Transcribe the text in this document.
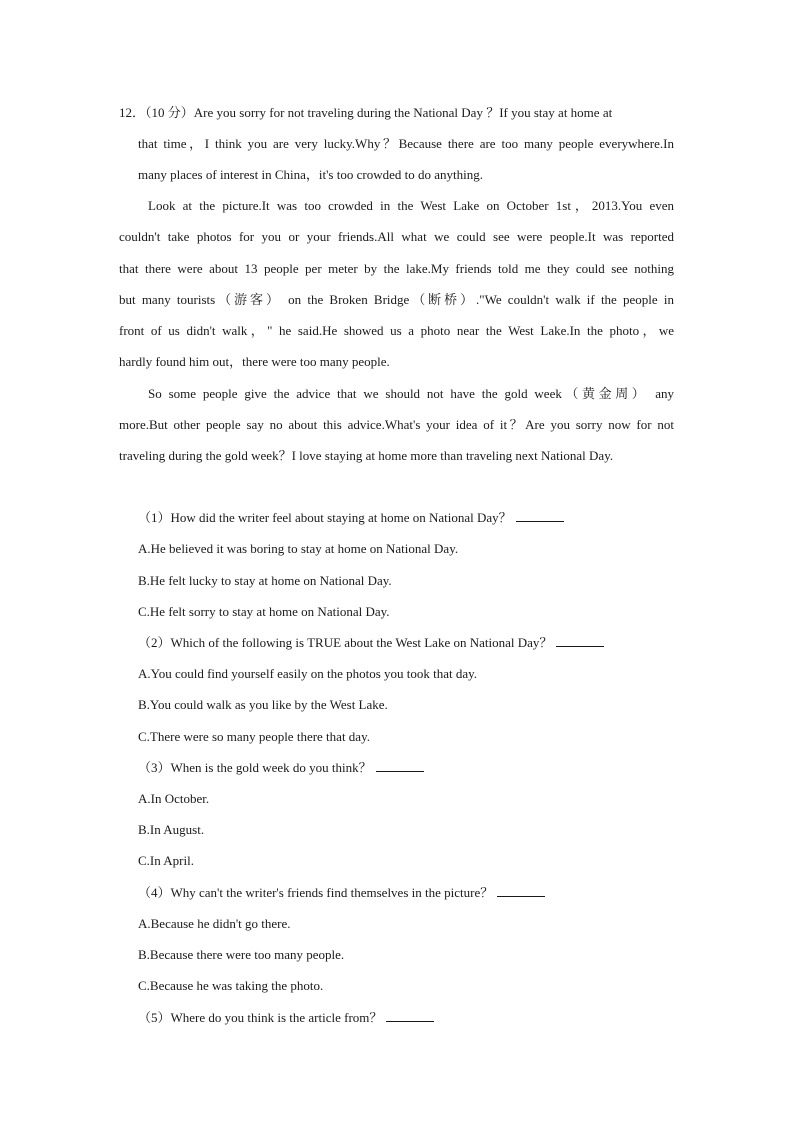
12．（10 分）Are you sorry for not traveling during the National Day ？If you stay at home at
that time，I think you are very lucky.Why？Because there are too many people everywhere.In
many places of interest in China，it's too crowded to do anything.
Look at the picture.It was too crowded in the West Lake on October 1st，2013.You even
couldn't take photos for you or your friends.All what we could see were people.It was reported
that there were about 13 people per meter by the lake.My friends told me they could see nothing
but many tourists（游客） on the Broken Bridge（断桥）."We couldn't walk if the people in
front of us didn't walk，" he said.He showed us a photo near the West Lake.In the photo，we
hardly found him out，there were too many people.
So some people give the advice that we should not have the gold week（黄金周） any
more.But other people say no about this advice.What's your idea of it？Are you sorry now for not
traveling during the gold week？I love staying at home more than traveling next National Day.
（1）How did the writer feel about staying at home on National Day？
A.He believed it was boring to stay at home on National Day.
B.He felt lucky to stay at home on National Day.
C.He felt sorry to stay at home on National Day.
（2）Which of the following is TRUE about the West Lake on National Day？
A.You could find yourself easily on the photos you took that day.
B.You could walk as you like by the West Lake.
C.There were so many people there that day.
（3）When is the gold week do you think？
A.In October.
B.In August.
C.In April.
（4）Why can't the writer's friends find themselves in the picture？
A.Because he didn't go there.
B.Because there were too many people.
C.Because he was taking the photo.
（5）Where do you think is the article from？
